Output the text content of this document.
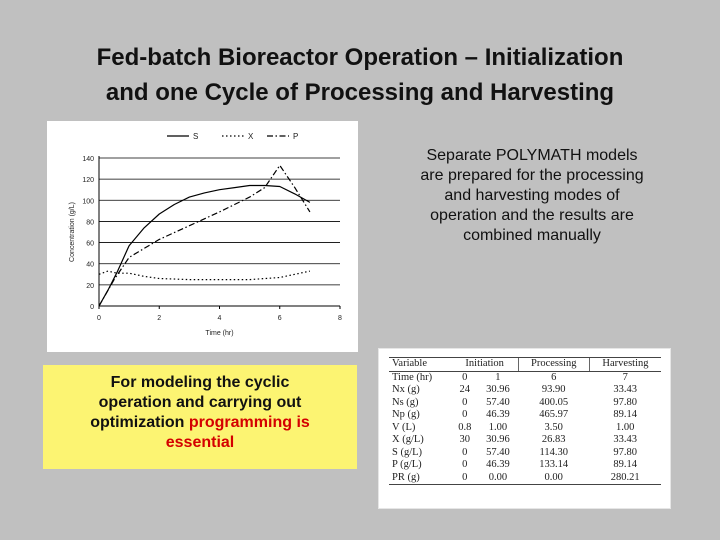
Fed-batch Bioreactor Operation – Initialization
and one Cycle of Processing and Harvesting
0
20
40
60
80
100
120
140
0	2	4	6	8
Time (hr)
Concentration (g/L)
S	X	P
Separate POLYMATH models
are prepared for the processing
and harvesting modes of
operation and the results are
combined manually
For modeling the cyclic
operation and carrying out
optimization programming is
essential
Variable	Initiation		Processing	Harvesting
Time (hr)	0	1	6	7
Nx (g)	24	30.96	93.90	33.43
Ns (g)	0	57.40	400.05	97.80
Np (g)	0	46.39	465.97	89.14
V (L)	0.8	1.00	3.50	1.00
X (g/L)	30	30.96	26.83	33.43
S (g/L)	0	57.40	114.30	97.80
P (g/L)	0	46.39	133.14	89.14
PR (g)	0	0.00	0.00	280.21
